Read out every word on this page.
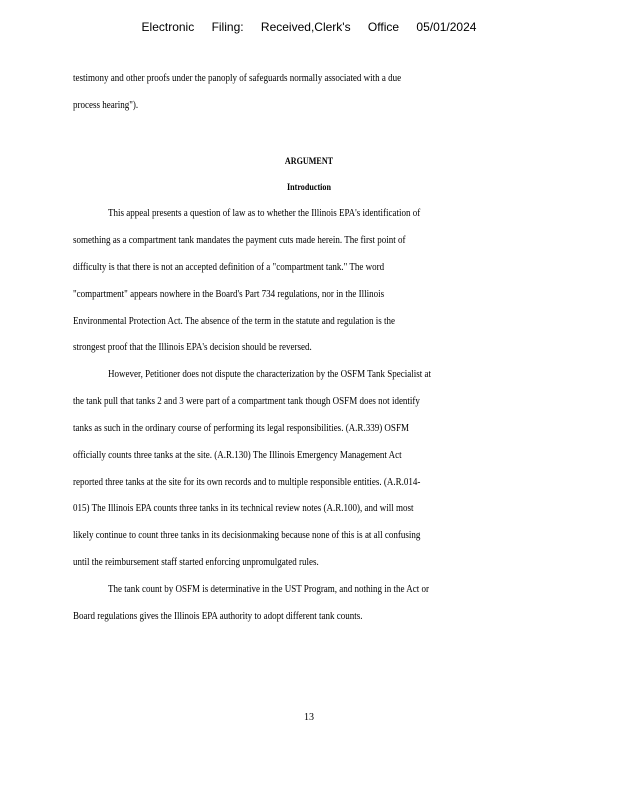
Electronic Filing: Received,Clerk's Office 05/01/2024

testimony and other proofs under the panoply of safeguards normally associated with a due

process hearing").

ARGUMENT

Introduction

This appeal presents a question of law as to whether the Illinois EPA's identification of

something as a compartment tank mandates the payment cuts made herein. The first point of

difficulty is that there is not an accepted definition of a "compartment tank." The word

"compartment" appears nowhere in the Board's Part 734 regulations, nor in the Illinois

Environmental Protection Act. The absence of the term in the statute and regulation is the

strongest proof that the Illinois EPA's decision should be reversed.

However, Petitioner does not dispute the characterization by the OSFM Tank Specialist at

the tank pull that tanks 2 and 3 were part of a compartment tank though OSFM does not identify

tanks as such in the ordinary course of performing its legal responsibilities. (A.R.339) OSFM

officially counts three tanks at the site. (A.R.130) The Illinois Emergency Management Act

reported three tanks at the site for its own records and to multiple responsible entities. (A.R.014-

015) The Illinois EPA counts three tanks in its technical review notes (A.R.100), and will most

likely continue to count three tanks in its decisionmaking because none of this is at all confusing

until the reimbursement staff started enforcing unpromulgated rules.

The tank count by OSFM is determinative in the UST Program, and nothing in the Act or

Board regulations gives the Illinois EPA authority to adopt different tank counts.

13
